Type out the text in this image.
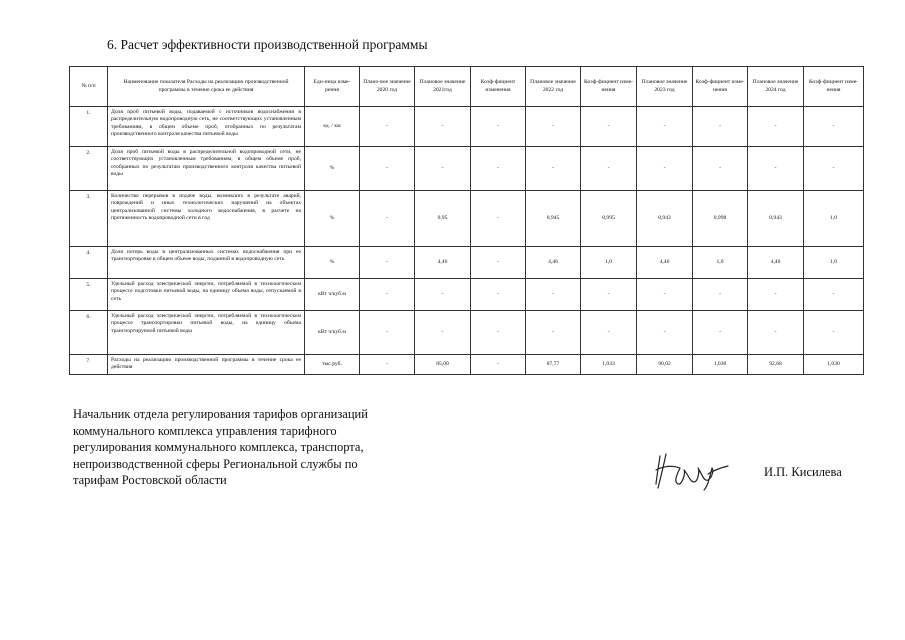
6. Расчет эффективности производственной программы
№ п/п	Наименование показателя Расходы на реализацию производственной программы в течение срока ее действия	Еди-ница изме-рения	Плано-вое значение 2020 год	Плановое значение 2021год	Коэф-фициент изменения	Плановое значение 2022 год	Коэф-фициент изме-нения	Плановое значение 2023 год	Коэф-фициент изме-нения	Плановое значение 2024 год	Коэф-фициент изме-нения
1.	Доля проб питьевой воды, подаваемой с источников водоснабжения в распределительную водопроводную сеть, не соответствующих установленным требованиям, в общем объеме проб, отобранных по результатам производственного контроля качества питьевой воды	ед. / км	-	-	-	-	-	-	-	-	-
2.	Доля проб питьевой воды в распределительной водопроводной сети, не соответствующих установленным требованиям, в общем объеме проб, отобранных по результатам производственного контроля качества питьевой воды	%	-	-	-	-	-	-	-	-	-
3.	Количество перерывов в подаче воды, возникших в результате аварий, повреждений и иных технологических нарушений на объектах централизованной системы холодного водоснабжения, в расчете на протяженность водопроводной сети в год	%	-	0,95	-	0,945	0,995	0,943	0,998	0,943	1,0
4.	Доля потерь воды в централизованных системах водоснабжения при ее транспортировке в общем объеме воды, поданной в водопроводную сеть	%	-	4,46	-	4,46	1,0	4,46	1,0	4,46	1,0
5.	Удельный расход электрической энергии, потребляемой в технологическом процессе подготовки питьевой воды, на единицу объема воды, отпускаемой в сеть	кВт ч/куб.м	-	-	-	-	-	-	-	-	-
6.	Удельный расход электрической энергии, потребляемой в технологическом процессе транспортировки питьевой воды, на единицу объема транспортируемой питьевой воды	кВт ч/куб.м	-	-	-	-	-	-	-	-	-
7.	Расходы на реализацию производственной программы в течение срока ее действия	тыс.руб.	-	85,00	-	87,77	1,033	90,02	1,030	92,68	1,030
Начальник отдела регулирования тарифов организаций
коммунального комплекса управления тарифного
регулирования коммунального комплекса, транспорта,
непроизводственной сферы Региональной службы по
тарифам Ростовской области
И.П. Кисилева
